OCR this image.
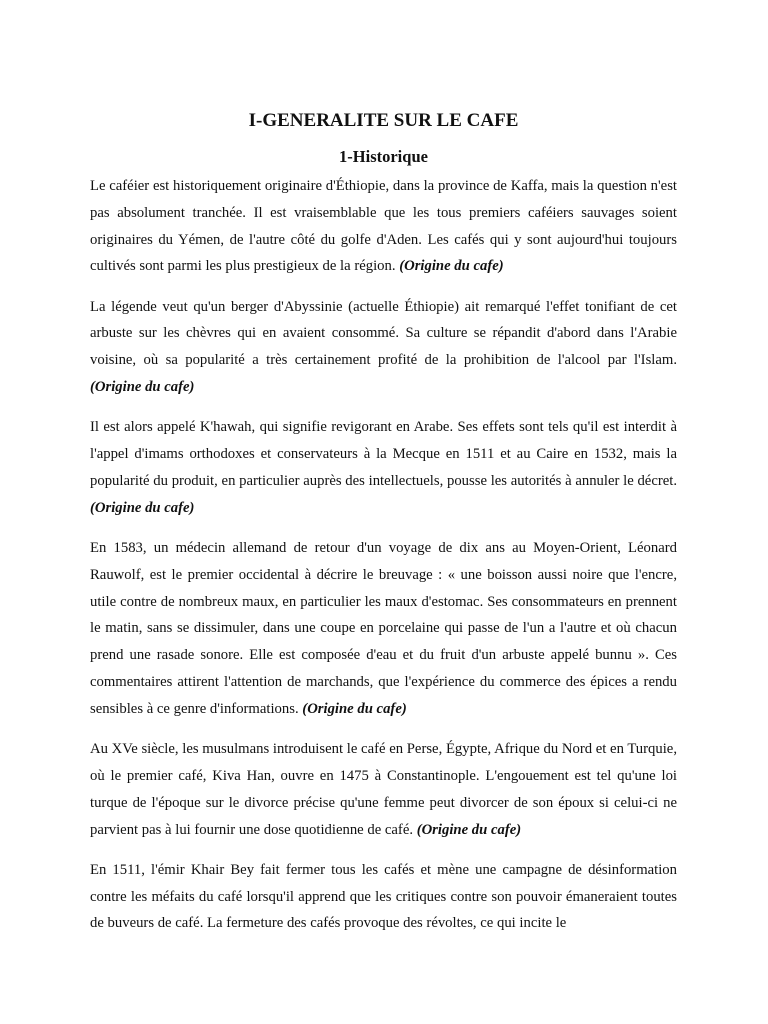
I-GENERALITE SUR LE CAFE
1-Historique

Le caféier est historiquement originaire d'Éthiopie, dans la province de Kaffa, mais la question n'est pas absolument tranchée. Il est vraisemblable que les tous premiers caféiers sauvages soient originaires du Yémen, de l'autre côté du golfe d'Aden. Les cafés qui y sont aujourd'hui toujours cultivés sont parmi les plus prestigieux de la région. (Origine du cafe)

La légende veut qu'un berger d'Abyssinie (actuelle Éthiopie) ait remarqué l'effet tonifiant de cet arbuste sur les chèvres qui en avaient consommé. Sa culture se répandit d'abord dans l'Arabie voisine, où sa popularité a très certainement profité de la prohibition de l'alcool par l'Islam. (Origine du cafe)

Il est alors appelé K'hawah, qui signifie revigorant en Arabe. Ses effets sont tels qu'il est interdit à l'appel d'imams orthodoxes et conservateurs à la Mecque en 1511 et au Caire en 1532, mais la popularité du produit, en particulier auprès des intellectuels, pousse les autorités à annuler le décret. (Origine du cafe)

En 1583, un médecin allemand de retour d'un voyage de dix ans au Moyen-Orient, Léonard Rauwolf, est le premier occidental à décrire le breuvage : « une boisson aussi noire que l'encre, utile contre de nombreux maux, en particulier les maux d'estomac. Ses consommateurs en prennent le matin, sans se dissimuler, dans une coupe en porcelaine qui passe de l'un a l'autre et où chacun prend une rasade sonore. Elle est composée d'eau et du fruit d'un arbuste appelé bunnu ». Ces commentaires attirent l'attention de marchands, que l'expérience du commerce des épices a rendu sensibles à ce genre d'informations. (Origine du cafe)

Au XVe siècle, les musulmans introduisent le café en Perse, Égypte, Afrique du Nord et en Turquie, où le premier café, Kiva Han, ouvre en 1475 à Constantinople. L'engouement est tel qu'une loi turque de l'époque sur le divorce précise qu'une femme peut divorcer de son époux si celui-ci ne parvient pas à lui fournir une dose quotidienne de café. (Origine du cafe)

En 1511, l'émir Khair Bey fait fermer tous les cafés et mène une campagne de désinformation contre les méfaits du café lorsqu'il apprend que les critiques contre son pouvoir émaneraient toutes de buveurs de café. La fermeture des cafés provoque des révoltes, ce qui incite le
